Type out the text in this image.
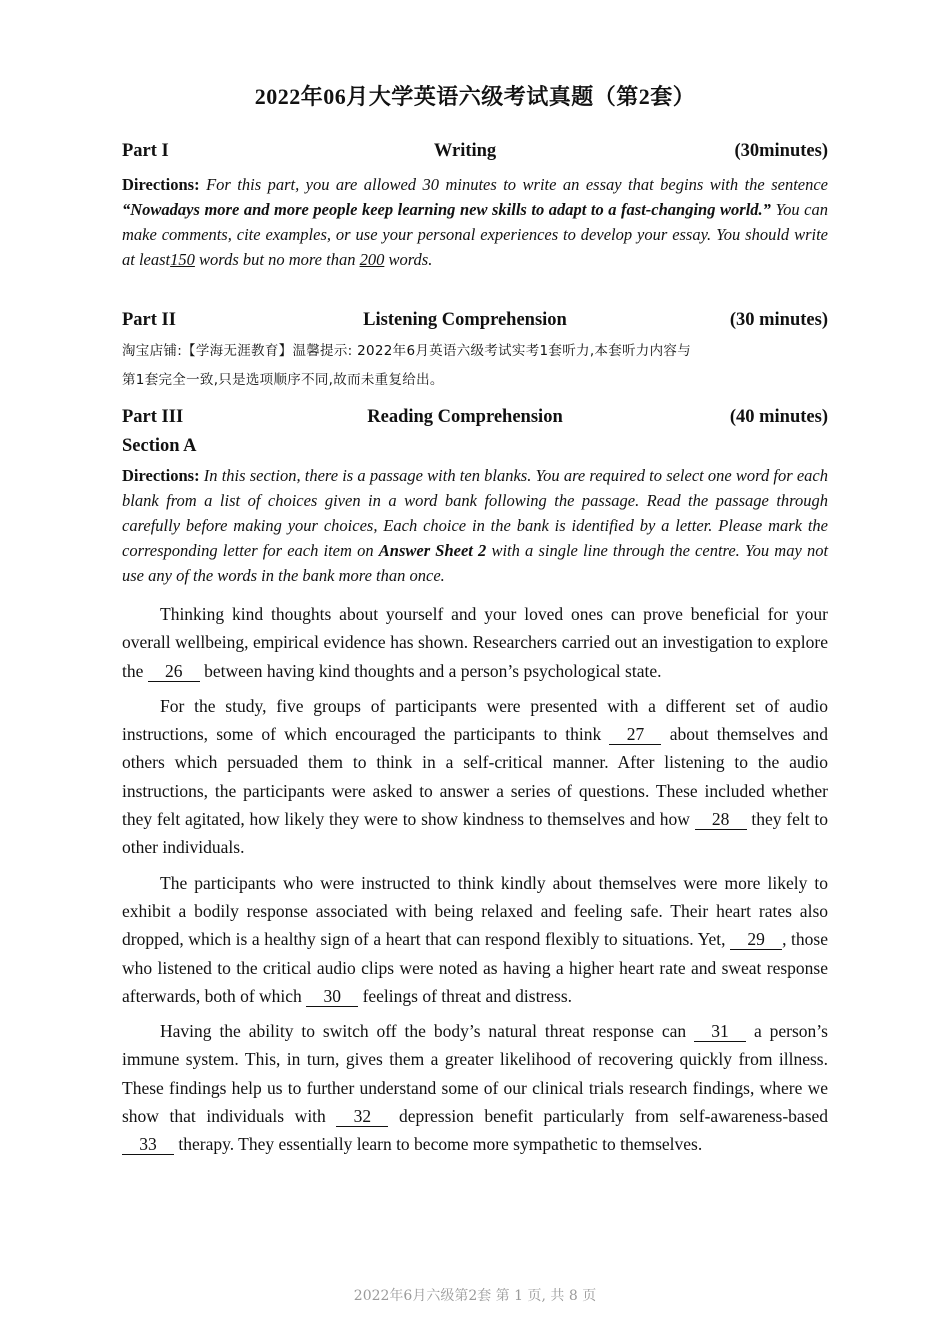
2022年06月大学英语六级考试真题（第2套）
Part I	Writing	(30minutes)
Directions: For this part, you are allowed 30 minutes to write an essay that begins with the sentence “Nowadays more and more people keep learning new skills to adapt to a fast-changing world.” You can make comments, cite examples, or use your personal experiences to develop your essay. You should write at least150 words but no more than 200 words.
Part II	Listening Comprehension	(30 minutes)
淘宝店铺:【学海无涯教育】温馨提示: 2022年6月英语六级考试实考1套听力,本套听力内容与
第1套完全一致,只是选项顺序不同,故而未重复给出。
Part III	Reading Comprehension	(40 minutes)
Section A
Directions: In this section, there is a passage with ten blanks. You are required to select one word for each blank from a list of choices given in a word bank following the passage. Read the passage through carefully before making your choices, Each choice in the bank is identified by a letter. Please mark the corresponding letter for each item on Answer Sheet 2 with a single line through the centre. You may not use any of the words in the bank more than once.

Thinking kind thoughts about yourself and your loved ones can prove beneficial for your overall wellbeing, empirical evidence has shown. Researchers carried out an investigation to explore the 26 between having kind thoughts and a person’s psychological state.

For the study, five groups of participants were presented with a different set of audio instructions, some of which encouraged the participants to think 27 about themselves and others which persuaded them to think in a self-critical manner. After listening to the audio instructions, the participants were asked to answer a series of questions. These included whether they felt agitated, how likely they were to show kindness to themselves and how 28 they felt to other individuals.

The participants who were instructed to think kindly about themselves were more likely to exhibit a bodily response associated with being relaxed and feeling safe. Their heart rates also dropped, which is a healthy sign of a heart that can respond flexibly to situations. Yet, 29 , those who listened to the critical audio clips were noted as having a higher heart rate and sweat response afterwards, both of which 30 feelings of threat and distress.

Having the ability to switch off the body’s natural threat response can 31 a person’s immune system. This, in turn, gives them a greater likelihood of recovering quickly from illness. These findings help us to further understand some of our clinical trials research findings, where we show that individuals with 32 depression benefit particularly from self-awareness-based 33 therapy. They essentially learn to become more sympathetic to themselves.

2022年6月六级第2套 第 1 页, 共 8 页
